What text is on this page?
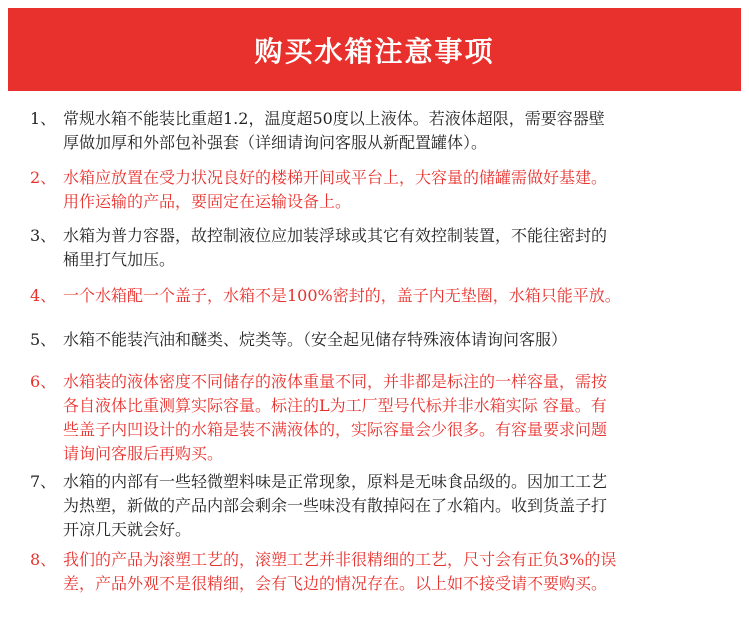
购买水箱注意事项
1、 常规水箱不能装比重超1.2，温度超50度以上液体。若液体超限，需要容器壁
厚做加厚和外部包补强套（详细请询问客服从新配置罐体）。
2、 水箱应放置在受力状况良好的楼梯开间或平台上，大容量的储罐需做好基建。
用作运输的产品，要固定在运输设备上。
3、 水箱为普力容器，故控制液位应加装浮球或其它有效控制装置，不能往密封的
桶里打气加压。
4、 一个水箱配一个盖子，水箱不是100%密封的，盖子内无垫圈，水箱只能平放。
5、 水箱不能装汽油和醚类、烷类等。（安全起见储存特殊液体请询问客服）
6、 水箱装的液体密度不同储存的液体重量不同，并非都是标注的一样容量，需按
各自液体比重测算实际容量。标注的L为工厂型号代标并非水箱实际 容量。有
些盖子内凹设计的水箱是装不满液体的，实际容量会少很多。有容量要求问题
请询问客服后再购买。
7、 水箱的内部有一些轻微塑料味是正常现象，原料是无味食品级的。因加工工艺
为热塑，新做的产品内部会剩余一些味没有散掉闷在了水箱内。收到货盖子打
开凉几天就会好。
8、 我们的产品为滚塑工艺的，滚塑工艺并非很精细的工艺，尺寸会有正负3%的误
差，产品外观不是很精细，会有飞边的情况存在。以上如不接受请不要购买。
